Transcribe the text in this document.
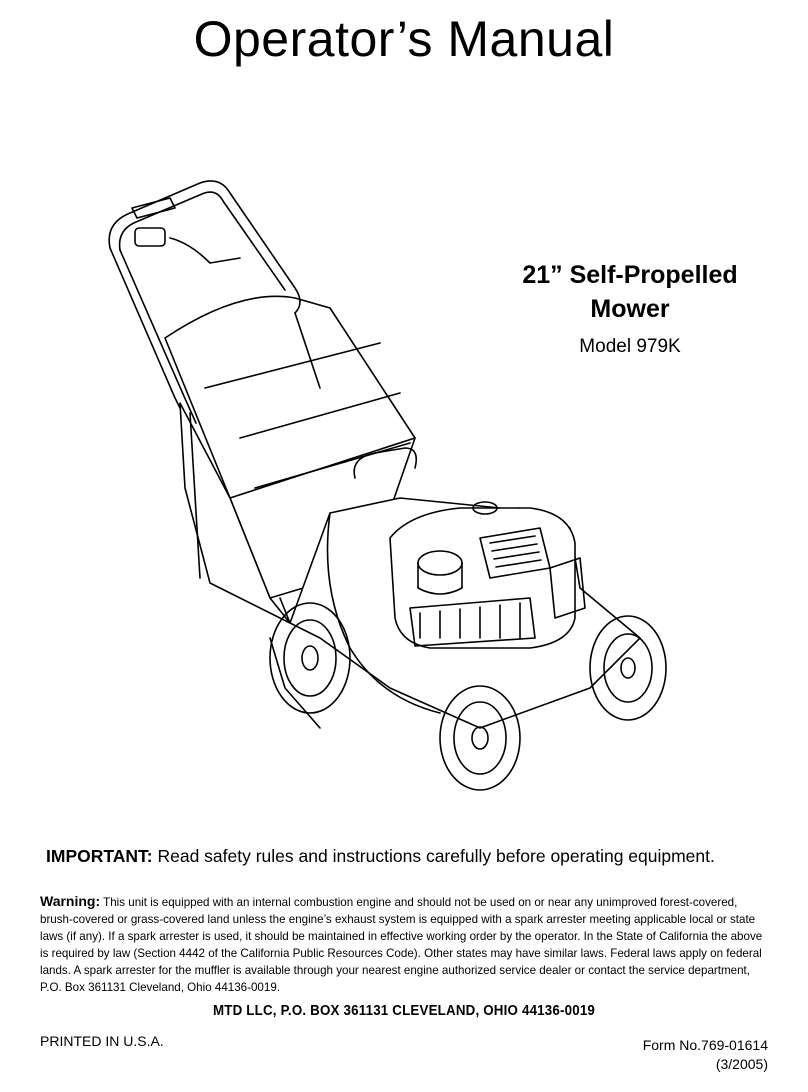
Operator’s Manual
21” Self-Propelled
Mower
Model 979K
IMPORTANT: Read safety rules and instructions carefully before operating equipment.
Warning: This unit is equipped with an internal combustion engine and should not be used on or near any unimproved forest-covered, brush-covered or grass-covered land unless the engine’s exhaust system is equipped with a spark arrester meeting applicable local or state laws (if any). If a spark arrester is used, it should be maintained in effective working order by the operator. In the State of California the above is required by law (Section 4442 of the California Public Resources Code). Other states may have similar laws. Federal laws apply on federal lands. A spark arrester for the muffler is available through your nearest engine authorized service dealer or contact the service department, P.O. Box 361131 Cleveland, Ohio 44136-0019.
MTD LLC, P.O. BOX 361131 CLEVELAND, OHIO 44136-0019
PRINTED IN U.S.A.	Form No.769-01614
(3/2005)
